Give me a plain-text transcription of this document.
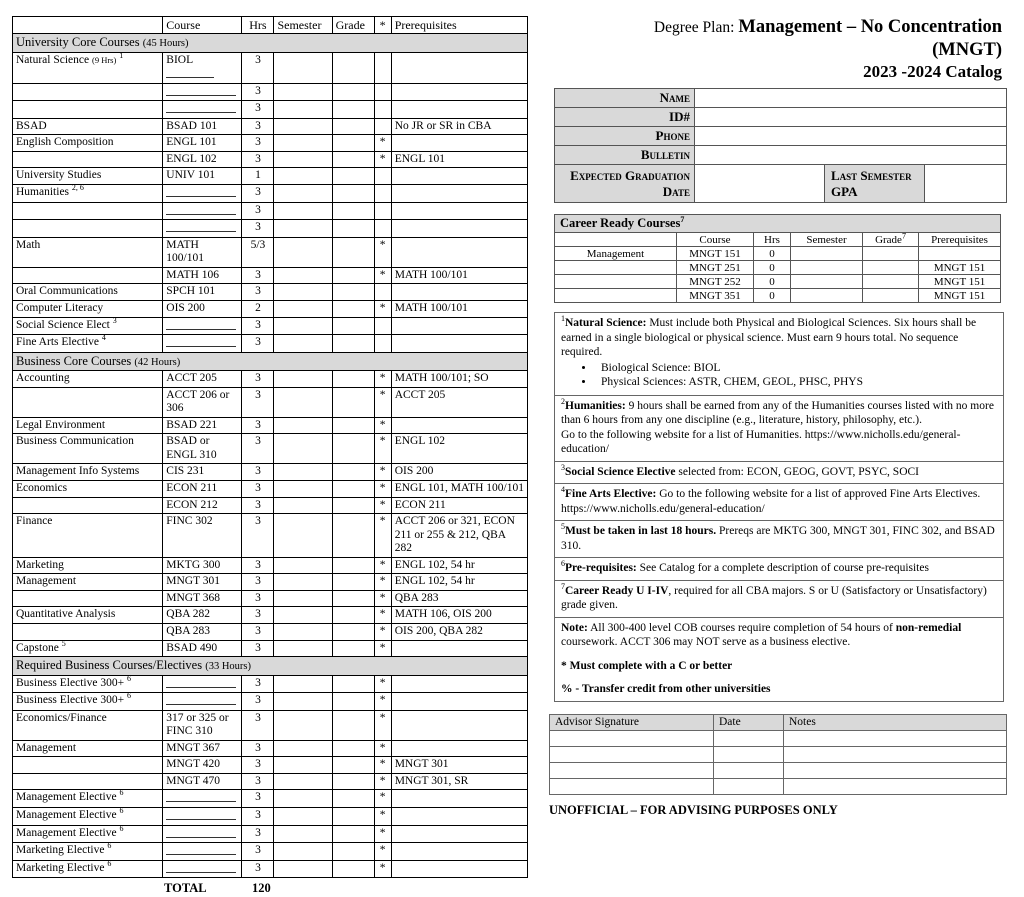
	Course	Hrs	Semester	Grade	*	Prerequisites
University Core Courses (45 Hours)						
Natural Science (9 Hrs) $^1$	BIOL	3				
		3				
		3				
BSAD	BSAD 101	3				No JR or SR in CBA
English Composition	ENGL 101	3			*	
	ENGL 102	3			*	ENGL 101
University Studies	UNIV 101	1				
Humanities $^{2, 6}$		3				
		3				
		3				
Math	MATH 100/101	5/3			*	
	MATH 106	3			*	MATH 100/101
Oral Communications	SPCH 101	3				
Computer Literacy	OIS 200	2			*	MATH 100/101
Social Science Elect $^3$		3				
Fine Arts Elective $^4$		3				
Business Core Courses (42 Hours)						
Accounting	ACCT 205	3			*	MATH 100/101; SO
	ACCT 206 or 306	3			*	ACCT 205
Legal Environment	BSAD 221	3			*	
Business Communication	BSAD or ENGL 310	3			*	ENGL 102
Management Info Systems	CIS 231	3			*	OIS 200
Economics	ECON 211	3			*	ENGL 101, MATH 100/101
	ECON 212	3			*	ECON 211
Finance	FINC 302	3			*	ACCT 206 or 321, ECON 211 or 255 & 212, QBA 282
Marketing	MKTG 300	3			*	ENGL 102, 54 hr
Management	MNGT 301	3			*	ENGL 102, 54 hr
	MNGT 368	3			*	QBA 283
Quantitative Analysis	QBA 282	3			*	MATH 106, OIS 200
	QBA 283	3			*	OIS 200, QBA 282
Capstone $^5$	BSAD 490	3			*	
Required Business Courses/Electives (33 Hours)						
Business Elective 300+ $^6$		3			*	
Business Elective 300+ $^6$		3			*	
Economics/Finance	317 or 325 or FINC 310	3			*	
Management	MNGT 367	3			*	
	MNGT 420	3			*	MNGT 301
	MNGT 470	3			*	MNGT 301, SR
Management Elective $^6$		3			*	
Management Elective $^6$		3			*	
Management Elective $^6$		3			*	
Marketing Elective $^6$		3			*	
Marketing Elective $^6$		3			*	
TOTAL	120
Degree Plan: Management – No Concentration
(MNGT)
2023 -2024 Catalog
Name			
ID#			
Phone			
Bulletin			
Expected Graduation Date		Last Semester GPA	
Career Ready Courses$^7$
	Course	Hrs	Semester	Grade$^7$	Prerequisites
Management	MNGT 151	0			
	MNGT 251	0			MNGT 151
	MNGT 252	0			MNGT 151
	MNGT 351	0			MNGT 151
$^1$Natural Science: Must include both Physical and Biological Sciences. Six hours shall be earned in a single biological or physical science. Must earn 9 hours total. No sequence required.
• Biological Science: BIOL
• Physical Sciences: ASTR, CHEM, GEOL, PHSC, PHYS
$^2$Humanities: 9 hours shall be earned from any of the Humanities courses listed with no more than 6 hours from any one discipline (e.g., literature, history, philosophy, etc.).
Go to the following website for a list of Humanities. https://www.nicholls.edu/general-education/
$^3$Social Science Elective selected from: ECON, GEOG, GOVT, PSYC, SOCI
$^4$Fine Arts Elective: Go to the following website for a list of approved Fine Arts Electives.
https://www.nicholls.edu/general-education/
$^5$Must be taken in last 18 hours. Prereqs are MKTG 300, MNGT 301, FINC 302, and BSAD 310.
$^6$Pre-requisites: See Catalog for a complete description of course pre-requisites
$^7$Career Ready U I-IV, required for all CBA majors. S or U (Satisfactory or Unsatisfactory) grade given.
Note: All 300-400 level COB courses require completion of 54 hours of non-remedial coursework. ACCT 306 may NOT serve as a business elective.
* Must complete with a C or better
% - Transfer credit from other universities
Advisor Signature	Date	Notes

UNOFFICIAL – FOR ADVISING PURPOSES ONLY
